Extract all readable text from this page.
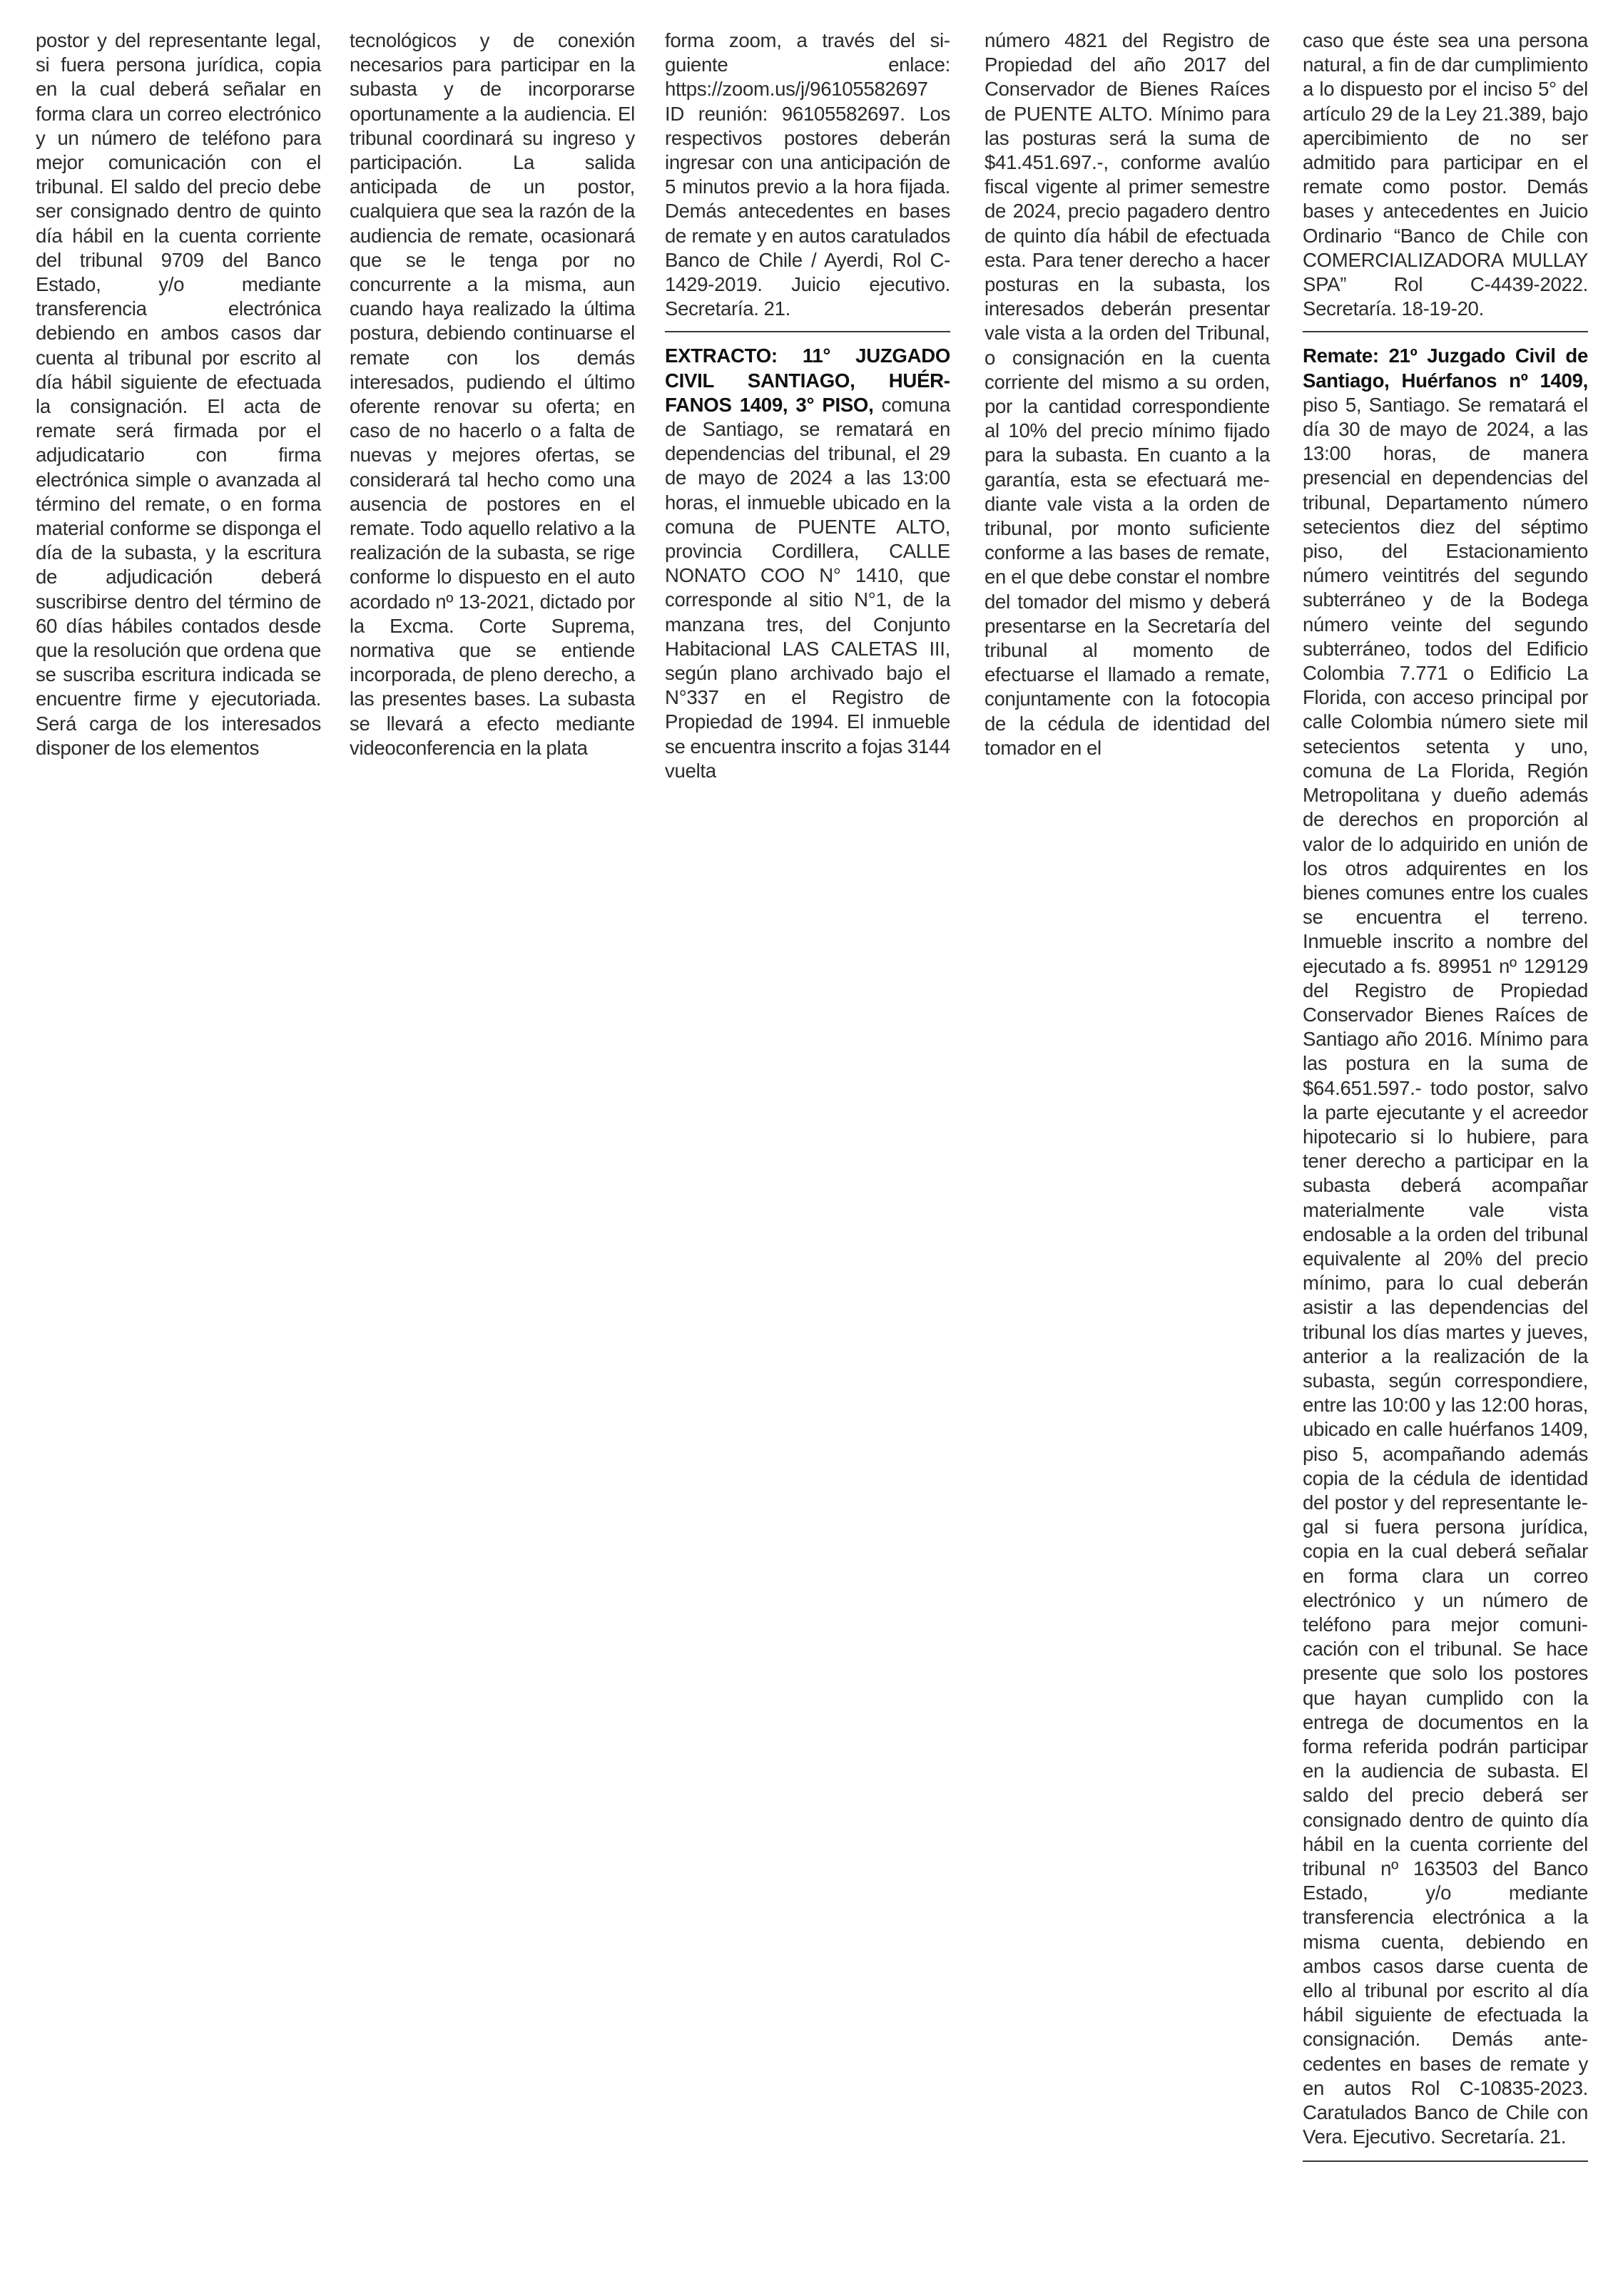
postor y del representante legal, si fuera persona jurídica, copia en la cual deberá señalar en forma clara un correo electrónico y un número de teléfono para mejor comunicación con el tribunal. El saldo del precio debe ser consignado dentro de quinto día hábil en la cuenta corriente del tribunal 9709 del Banco Estado, y/o mediante transferencia electrónica debiendo en ambos casos dar cuenta al tribunal por escrito al día hábil siguiente de efectuada la consignación. El acta de remate será firmada por el adjudicatario con firma electrónica simple o avanzada al término del remate, o en forma material conforme se disponga el día de la subasta, y la escritura de adjudicación deberá suscribirse dentro del término de 60 días hábiles contados desde que la resolución que ordena que se suscriba escritura indicada se encuentre firme y ejecutoriada. Será carga de los interesados disponer de los elementos

tecnológicos y de conexión necesarios para participar en la subasta y de incorporarse oportunamente a la audiencia. El tribunal coordinará su ingreso y participación. La salida anticipada de un postor, cualquiera que sea la razón de la audiencia de remate, ocasionará que se le tenga por no concurrente a la misma, aun cuando haya realizado la última postura, debiendo continuarse el remate con los demás interesados, pudiendo el último oferente renovar su oferta; en caso de no hacerlo o a falta de nuevas y mejores ofertas, se considerará tal hecho como una ausencia de postores en el remate. Todo aquello relativo a la realización de la subasta, se rige conforme lo dispuesto en el auto acordado nº 13-2021, dictado por la Excma. Corte Suprema, normativa que se entiende incorporada, de pleno derecho, a las presentes bases. La subasta se llevará a efecto mediante videoconferencia en la plata

forma zoom, a través del siguiente enlace: https://zoom.us/j/96105582697 ID reunión: 96105582697. Los respectivos postores deberán ingresar con una anticipación de 5 minutos previo a la hora fijada. Demás antecedentes en bases de remate y en autos caratulados Banco de Chile / Ayerdi, Rol C-1429-2019. Juicio ejecutivo. Secretaría. 21.

EXTRACTO: 11° JUZGADO CIVIL SANTIAGO, HUÉRFANOS 1409, 3° PISO, comuna de Santiago, se rematará en dependencias del tribunal, el 29 de mayo de 2024 a las 13:00 horas, el inmueble ubicado en la comuna de PUENTE ALTO, provincia Cordillera, CALLE NONATO COO N° 1410, que corresponde al sitio N°1, de la manzana tres, del Conjunto Habitacional LAS CALETAS III, según plano archivado bajo el N°337 en el Registro de Propiedad de 1994. El inmueble se encuentra inscrito a fojas 3144 vuelta

número 4821 del Registro de Propiedad del año 2017 del Conservador de Bienes Raíces de PUENTE ALTO. Mínimo para las posturas será la suma de $41.451.697.-, conforme avalúo fiscal vigente al primer semestre de 2024, precio pagadero dentro de quinto día hábil de efectuada esta. Para tener derecho a hacer posturas en la subasta, los interesados deberán presentar vale vista a la orden del Tribunal, o consignación en la cuenta corriente del mismo a su orden, por la cantidad correspondiente al 10% del precio mínimo fijado para la subasta. En cuanto a la garantía, esta se efectuará mediante vale vista a la orden de tribunal, por monto suficiente conforme a las bases de remate, en el que debe constar el nombre del tomador del mismo y deberá presentarse en la Secretaría del tribunal al momento de efectuarse el llamado a remate, conjuntamente con la fotocopia de la cédula de identidad del tomador en el

caso que éste sea una persona natural, a fin de dar cumplimiento a lo dispuesto por el inciso 5° del artículo 29 de la Ley 21.389, bajo apercibimiento de no ser admitido para participar en el remate como postor. Demás bases y antecedentes en Juicio Ordinario “Banco de Chile con COMERCIALIZADORA MULLAY SPA” Rol C-4439-2022. Secretaría. 18-19-20.

Remate: 21º Juzgado Civil de Santiago, Huérfanos nº 1409, piso 5, Santiago. Se rematará el día 30 de mayo de 2024, a las 13:00 horas, de manera presencial en dependencias del tribunal, Departamento número setecientos diez del séptimo piso, del Estacionamiento número veintitrés del segundo subterráneo y de la Bodega número veinte del segundo subterráneo, todos del Edificio Colombia 7.771 o Edificio La Florida, con acceso principal por calle Colombia número siete mil setecientos setenta y uno, comuna de La Florida, Región Metropolitana y dueño además de derechos en proporción al valor de lo adquirido en unión de los otros adquirentes en los bienes comunes entre los cuales se encuentra el terreno. Inmueble inscrito a nombre del ejecutado a fs. 89951 nº 129129 del Registro de Propiedad Conservador Bienes Raíces de Santiago año 2016. Mínimo para las postura en la suma de $64.651.597.- todo postor, salvo la parte ejecutante y el acreedor hipotecario si lo hubiere, para tener derecho a participar en la subasta deberá acompañar materialmente vale vista endosable a la orden del tribunal equivalente al 20% del precio mínimo, para lo cual deberán asistir a las dependencias del tribunal los días martes y jueves, anterior a la realización de la subasta, según correspondiere, entre las 10:00 y las 12:00 horas, ubicado en calle huérfanos 1409, piso 5, acompañando además copia de la cédula de identidad del postor y del representante legal si fuera persona jurídica, copia en la cual deberá señalar en forma clara un correo electrónico y un número de teléfono para mejor comunicación con el tribunal. Se hace presente que solo los postores que hayan cumplido con la entrega de documentos en la forma referida podrán participar en la audiencia de subasta. El saldo del precio deberá ser consignado dentro de quinto día hábil en la cuenta corriente del tribunal nº 163503 del Banco Estado, y/o mediante transferencia electrónica a la misma cuenta, debiendo en ambos casos darse cuenta de ello al tribunal por escrito al día hábil siguiente de efectuada la consignación. Demás antecedentes en bases de remate y en autos Rol C-10835-2023. Caratulados Banco de Chile con Vera. Ejecutivo. Secretaría. 21.
